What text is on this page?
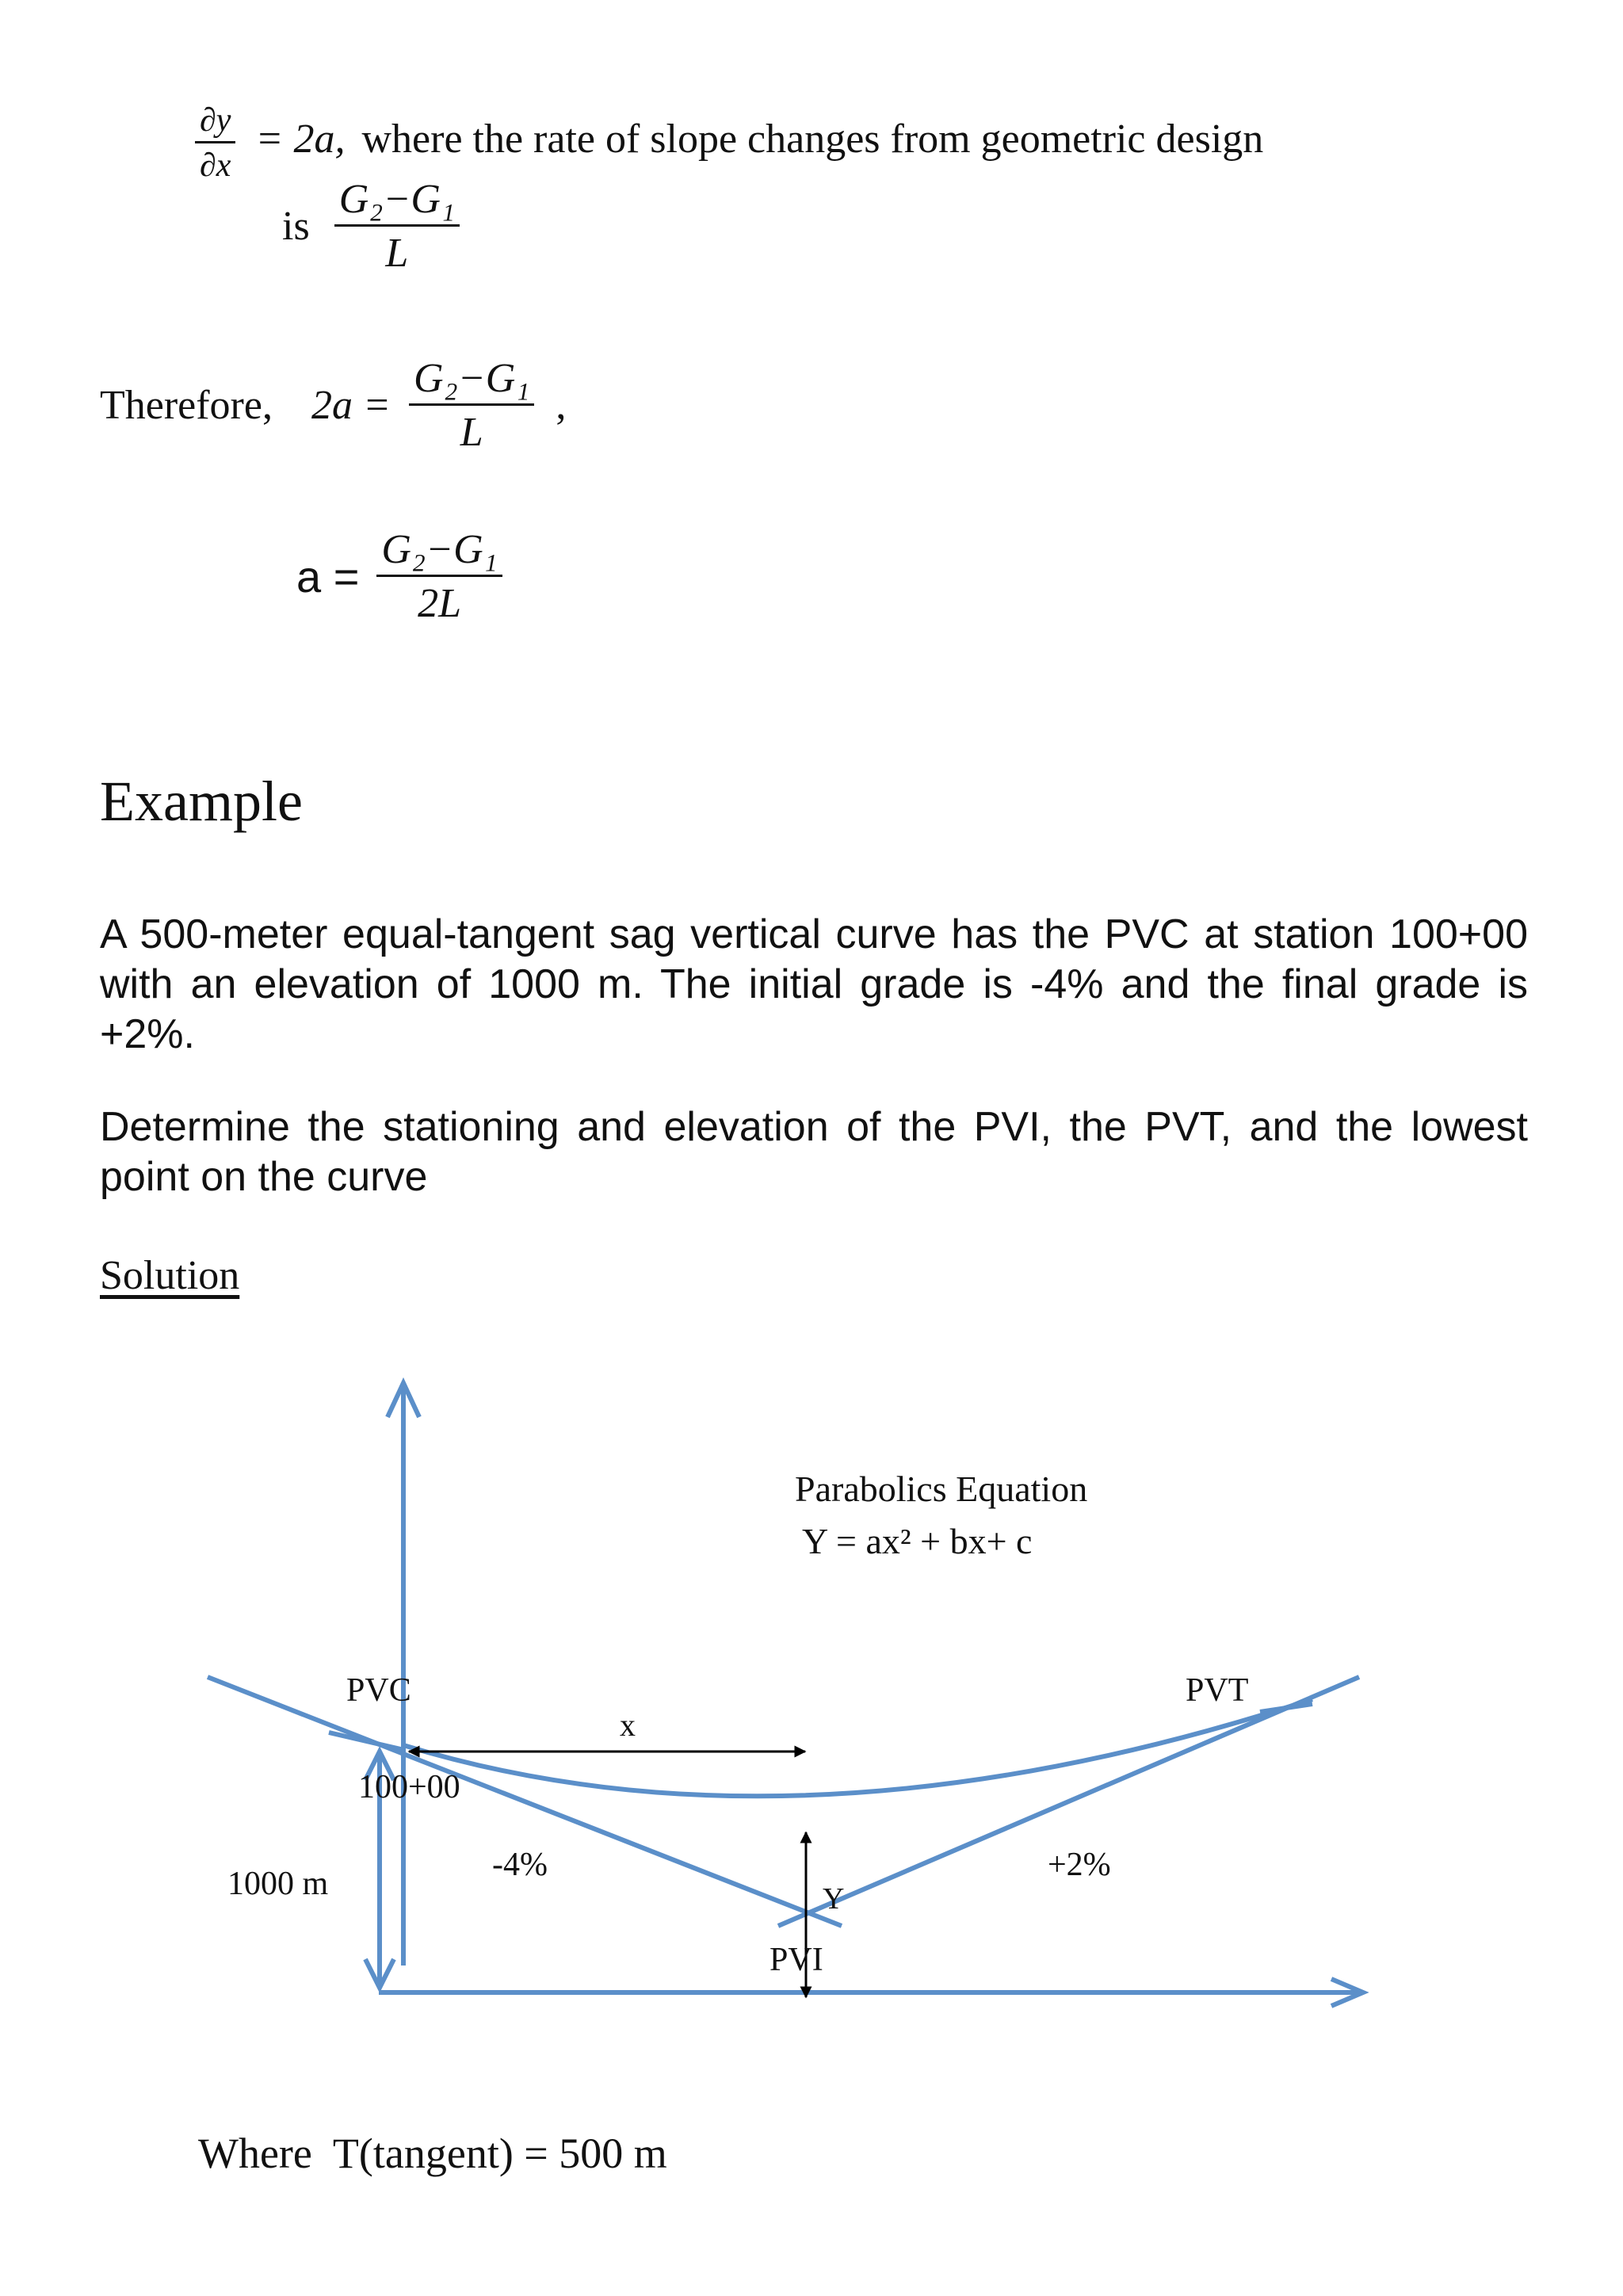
$\frac{\partial y}{\partial x} = 2a$, where the rate of slope changes from geometric design
is $\frac{\text{G₂−G₁}}{L}$
Therefore, $2a = \frac{\text{G₂−G₁}}{L}$ ,
$a = \frac{\text{G₂−G₁}}{2L}$
Example
A 500-meter equal-tangent sag vertical curve has the PVC at station 100+00 with an elevation of 1000 m. The initial grade is -4% and the final grade is +2%.
Determine the stationing and elevation of the PVI, the PVT, and the lowest point on the curve
Solution
PVC	PVT
x
100+00
-4%	+2%
1000 m	Y
PVI
Parabolics Equation
Y = ax² + bx+ c
Where  T(tangent) = 500 m
